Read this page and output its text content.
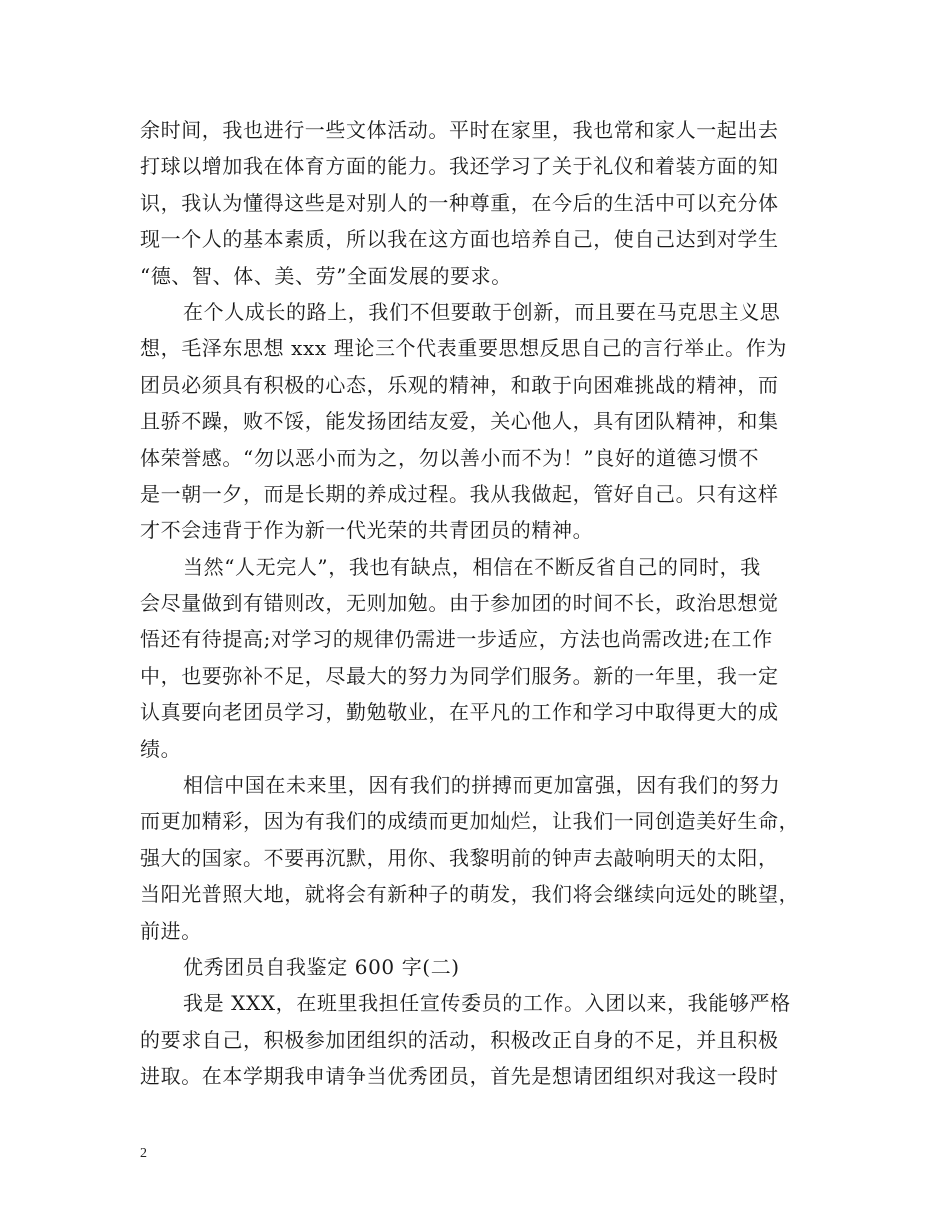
余时间，我也进行一些文体活动。平时在家里，我也常和家人一起出去
打球以增加我在体育方面的能力。我还学习了关于礼仪和着装方面的知
识，我认为懂得这些是对别人的一种尊重，在今后的生活中可以充分体
现一个人的基本素质，所以我在这方面也培养自己，使自己达到对学生
“德、智、体、美、劳”全面发展的要求。
在个人成长的路上，我们不但要敢于创新，而且要在马克思主义思
想，毛泽东思想 xxx 理论三个代表重要思想反思自己的言行举止。作为
团员必须具有积极的心态，乐观的精神，和敢于向困难挑战的精神，而
且骄不躁，败不馁，能发扬团结友爱，关心他人，具有团队精神，和集
体荣誉感。“勿以恶小而为之，勿以善小而不为！”良好的道德习惯不
是一朝一夕，而是长期的养成过程。我从我做起，管好自己。只有这样
才不会违背于作为新一代光荣的共青团员的精神。
当然“人无完人”，我也有缺点，相信在不断反省自己的同时，我
会尽量做到有错则改，无则加勉。由于参加团的时间不长，政治思想觉
悟还有待提高;对学习的规律仍需进一步适应，方法也尚需改进;在工作
中，也要弥补不足，尽最大的努力为同学们服务。新的一年里，我一定
认真要向老团员学习，勤勉敬业，在平凡的工作和学习中取得更大的成
绩。
相信中国在未来里，因有我们的拼搏而更加富强，因有我们的努力
而更加精彩，因为有我们的成绩而更加灿烂，让我们一同创造美好生命，
强大的国家。不要再沉默，用你、我黎明前的钟声去敲响明天的太阳，
当阳光普照大地，就将会有新种子的萌发，我们将会继续向远处的眺望，
前进。
优秀团员自我鉴定 600 字(二)
我是 XXX，在班里我担任宣传委员的工作。入团以来，我能够严格
的要求自己，积极参加团组织的活动，积极改正自身的不足，并且积极
进取。在本学期我申请争当优秀团员，首先是想请团组织对我这一段时
2
